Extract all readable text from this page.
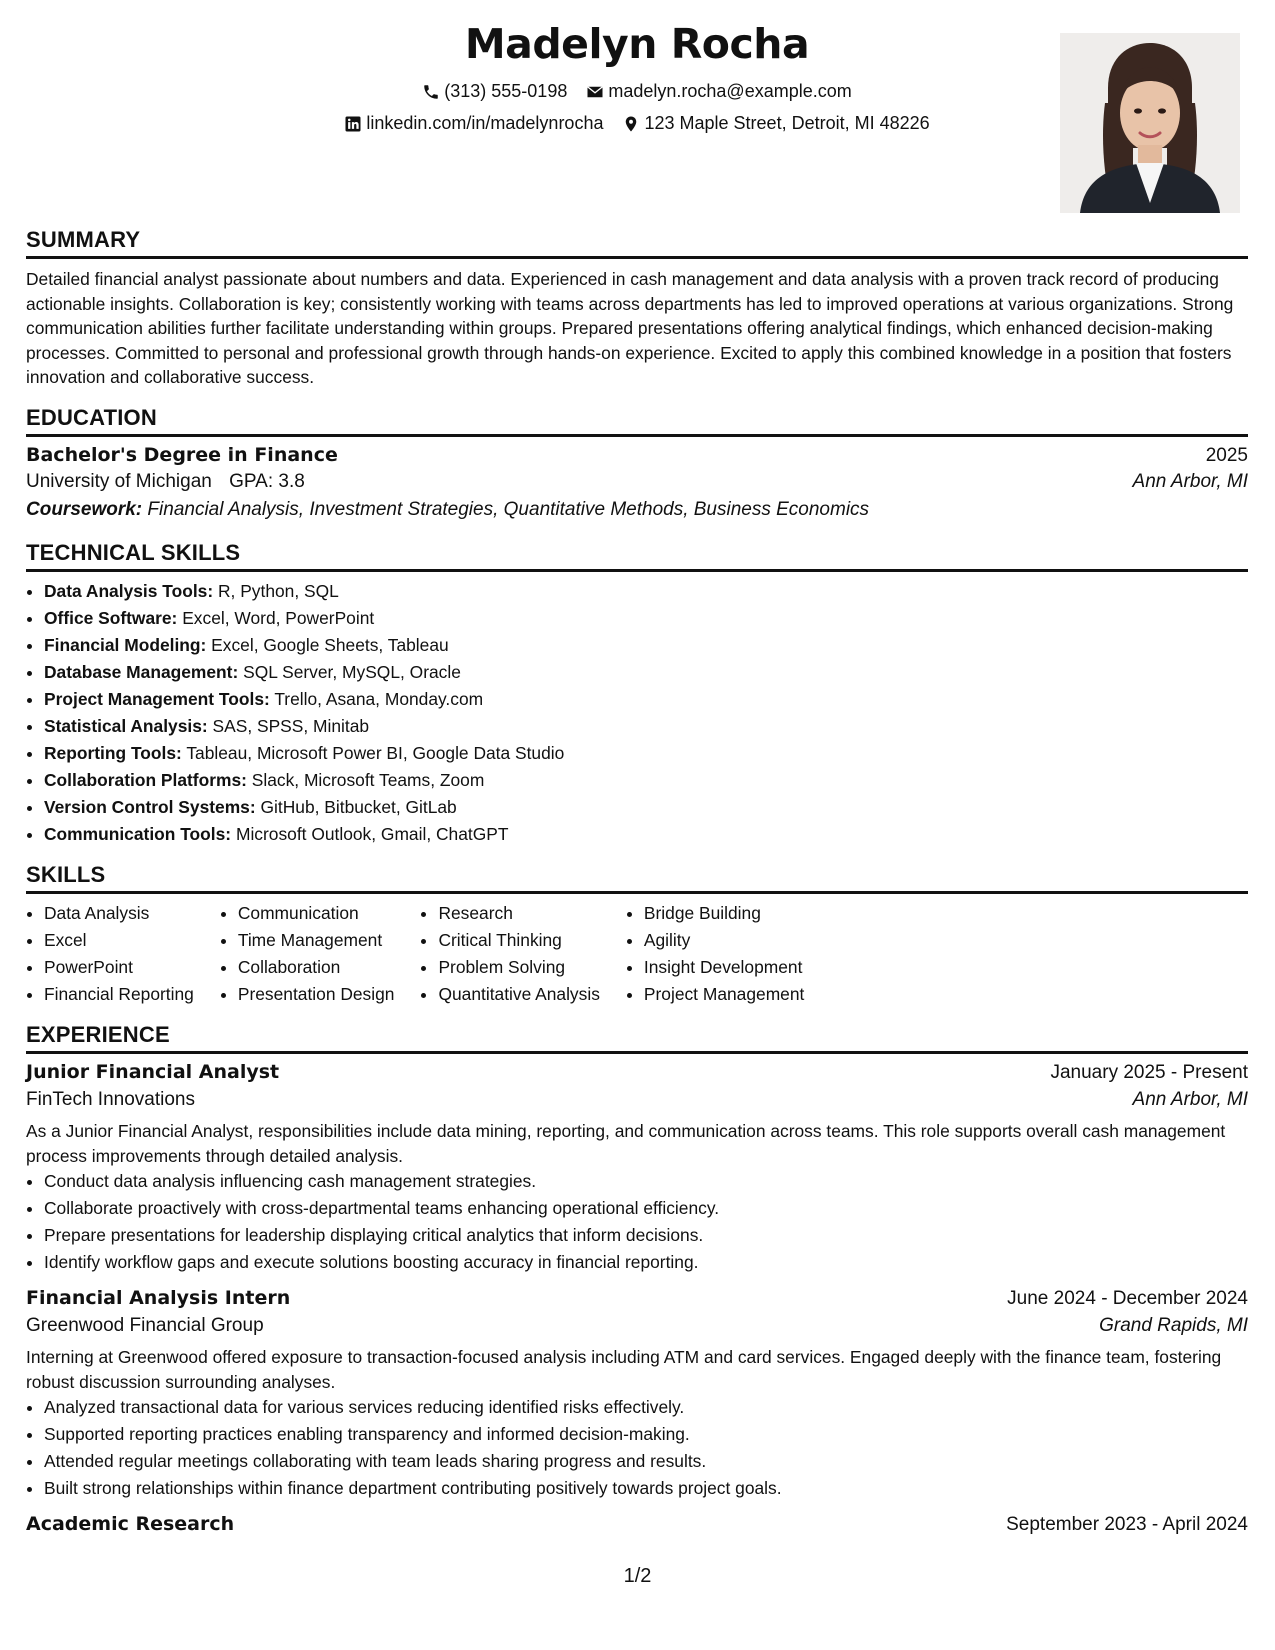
Madelyn Rocha
(313) 555-0198
madelyn.rocha@example.com
linkedin.com/in/madelynrocha
123 Maple Street, Detroit, MI 48226
SUMMARY
Detailed financial analyst passionate about numbers and data. Experienced in cash management and data analysis with a proven track record of producing actionable insights. Collaboration is key; consistently working with teams across departments has led to improved operations at various organizations. Strong communication abilities further facilitate understanding within groups. Prepared presentations offering analytical findings, which enhanced decision-making processes. Committed to personal and professional growth through hands-on experience. Excited to apply this combined knowledge in a position that fosters innovation and collaborative success.
EDUCATION
Bachelor's Degree in Finance	2025
University of Michigan GPA: 3.8	Ann Arbor, MI
Coursework: Financial Analysis, Investment Strategies, Quantitative Methods, Business Economics
TECHNICAL SKILLS
• Data Analysis Tools: R, Python, SQL
• Office Software: Excel, Word, PowerPoint
• Financial Modeling: Excel, Google Sheets, Tableau
• Database Management: SQL Server, MySQL, Oracle
• Project Management Tools: Trello, Asana, Monday.com
• Statistical Analysis: SAS, SPSS, Minitab
• Reporting Tools: Tableau, Microsoft Power BI, Google Data Studio
• Collaboration Platforms: Slack, Microsoft Teams, Zoom
• Version Control Systems: GitHub, Bitbucket, GitLab
• Communication Tools: Microsoft Outlook, Gmail, ChatGPT
SKILLS
• Data Analysis
• Excel
• PowerPoint
• Financial Reporting
• Communication
• Time Management
• Collaboration
• Presentation Design
• Research
• Critical Thinking
• Problem Solving
• Quantitative Analysis
• Bridge Building
• Agility
• Insight Development
• Project Management
EXPERIENCE
Junior Financial Analyst	January 2025 - Present
FinTech Innovations	Ann Arbor, MI
As a Junior Financial Analyst, responsibilities include data mining, reporting, and communication across teams. This role supports overall cash management process improvements through detailed analysis.
• Conduct data analysis influencing cash management strategies.
• Collaborate proactively with cross-departmental teams enhancing operational efficiency.
• Prepare presentations for leadership displaying critical analytics that inform decisions.
• Identify workflow gaps and execute solutions boosting accuracy in financial reporting.
Financial Analysis Intern	June 2024 - December 2024
Greenwood Financial Group	Grand Rapids, MI
Interning at Greenwood offered exposure to transaction-focused analysis including ATM and card services. Engaged deeply with the finance team, fostering robust discussion surrounding analyses.
• Analyzed transactional data for various services reducing identified risks effectively.
• Supported reporting practices enabling transparency and informed decision-making.
• Attended regular meetings collaborating with team leads sharing progress and results.
• Built strong relationships within finance department contributing positively towards project goals.
Academic Research	September 2023 - April 2024
1/2
